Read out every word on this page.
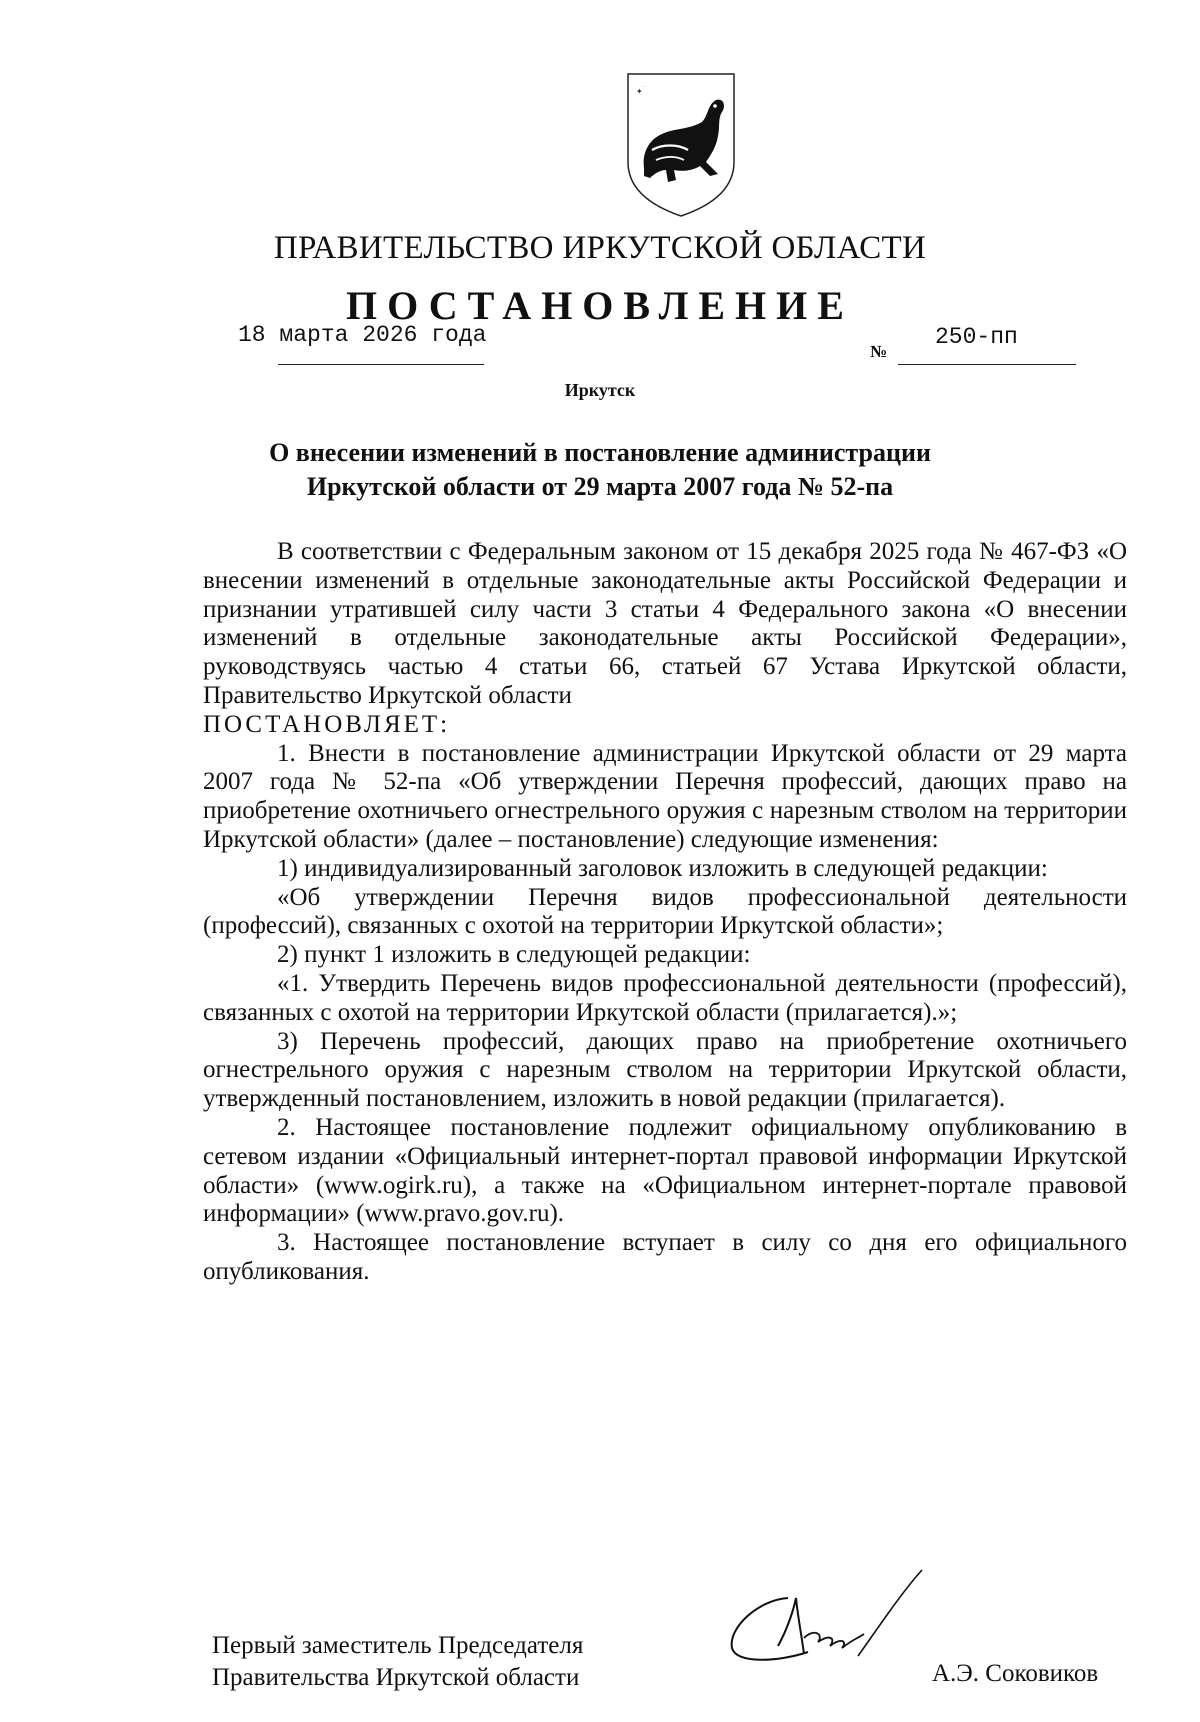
✦ ·
ПРАВИТЕЛЬСТВО ИРКУТСКОЙ ОБЛАСТИ
ПОСТАНОВЛЕНИЕ
18 марта 2026 года
№
250-пп
Иркутск
О внесении изменений в постановление администрации
Иркутской области от 29 марта 2007 года № 52-па

В соответствии с Федеральным законом от 15 декабря 2025 года № 467-ФЗ «О внесении изменений в отдельные законодательные акты Российской Федерации и признании утратившей силу части 3 статьи 4 Федерального закона «О внесении изменений в отдельные законодательные акты Российской Федерации», руководствуясь частью 4 статьи 66, статьей 67 Устава Иркутской области, Правительство Иркутской области

ПОСТАНОВЛЯЕТ:

1. Внести в постановление администрации Иркутской области от 29 марта 2007 года № 52-па «Об утверждении Перечня профессий, дающих право на приобретение охотничьего огнестрельного оружия с нарезным стволом на территории Иркутской области» (далее – постановление) следующие изменения:

1) индивидуализированный заголовок изложить в следующей редакции:

«Об утверждении Перечня видов профессиональной деятельности (профессий), связанных с охотой на территории Иркутской области»;

2) пункт 1 изложить в следующей редакции:

«1. Утвердить Перечень видов профессиональной деятельности (профессий), связанных с охотой на территории Иркутской области (прилагается).»;

3) Перечень профессий, дающих право на приобретение охотничьего огнестрельного оружия с нарезным стволом на территории Иркутской области, утвержденный постановлением, изложить в новой редакции (прилагается).

2. Настоящее постановление подлежит официальному опубликованию в сетевом издании «Официальный интернет-портал правовой информации Иркутской области» (www.ogirk.ru), а также на «Официальном интернет-портале правовой информации» (www.pravo.gov.ru).

3. Настоящее постановление вступает в силу со дня его официального опубликования.

Первый заместитель Председателя
Правительства Иркутской области	А.Э. Соковиков
